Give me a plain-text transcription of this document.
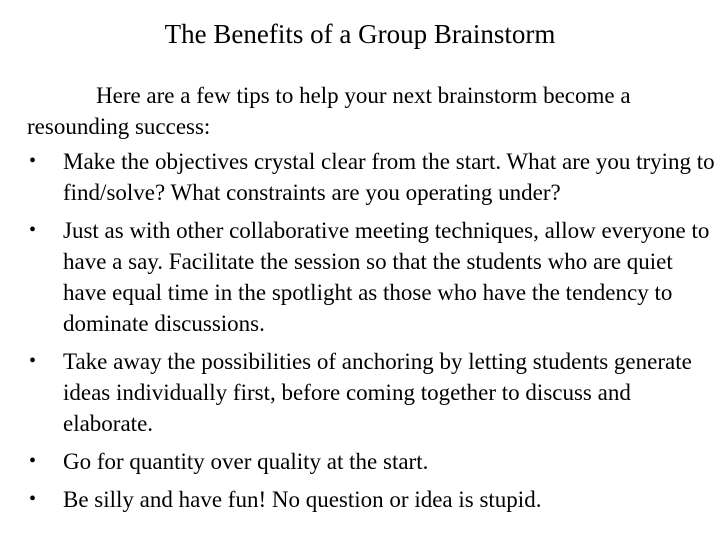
The Benefits of a Group Brainstorm

Here are a few tips to help your next brainstorm become a resounding success:

• Make the objectives crystal clear from the start. What are you trying to find/solve? What constraints are you operating under?
• Just as with other collaborative meeting techniques, allow everyone to have a say. Facilitate the session so that the students who are quiet have equal time in the spotlight as those who have the tendency to dominate discussions.
• Take away the possibilities of anchoring by letting students generate ideas individually first, before coming together to discuss and elaborate.
• Go for quantity over quality at the start.
• Be silly and have fun! No question or idea is stupid.
